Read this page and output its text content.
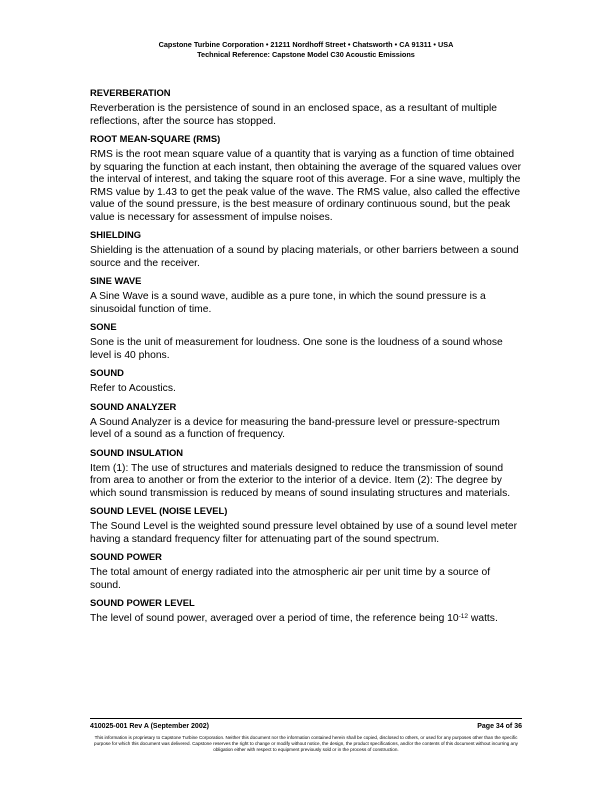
Capstone Turbine Corporation • 21211 Nordhoff Street • Chatsworth • CA 91311 • USA
Technical Reference: Capstone Model C30 Acoustic Emissions
REVERBERATION
Reverberation is the persistence of sound in an enclosed space, as a resultant of multiple reflections, after the source has stopped.
ROOT MEAN-SQUARE (RMS)
RMS is the root mean square value of a quantity that is varying as a function of time obtained by squaring the function at each instant, then obtaining the average of the squared values over the interval of interest, and taking the square root of this average. For a sine wave, multiply the RMS value by 1.43 to get the peak value of the wave. The RMS value, also called the effective value of the sound pressure, is the best measure of ordinary continuous sound, but the peak value is necessary for assessment of impulse noises.
SHIELDING
Shielding is the attenuation of a sound by placing materials, or other barriers between a sound source and the receiver.
SINE WAVE
A Sine Wave is a sound wave, audible as a pure tone, in which the sound pressure is a sinusoidal function of time.
SONE
Sone is the unit of measurement for loudness. One sone is the loudness of a sound whose level is 40 phons.
SOUND
Refer to Acoustics.
SOUND ANALYZER
A Sound Analyzer is a device for measuring the band-pressure level or pressure-spectrum level of a sound as a function of frequency.
SOUND INSULATION
Item (1): The use of structures and materials designed to reduce the transmission of sound from area to another or from the exterior to the interior of a device. Item (2): The degree by which sound transmission is reduced by means of sound insulating structures and materials.
SOUND LEVEL (NOISE LEVEL)
The Sound Level is the weighted sound pressure level obtained by use of a sound level meter having a standard frequency filter for attenuating part of the sound spectrum.
SOUND POWER
The total amount of energy radiated into the atmospheric air per unit time by a source of sound.
SOUND POWER LEVEL
The level of sound power, averaged over a period of time, the reference being $10^{-12}$ watts.
410025-001 Rev A (September 2002)	Page 34 of 36
This information is proprietary to Capstone Turbine Corporation. Neither this document nor the information contained herein shall be copied, disclosed to others, or used for any purposes other than the specific purpose for which this document was delivered. Capstone reserves the right to change or modify without notice, the design, the product specifications, and/or the contents of this document without incurring any obligation either with respect to equipment previously sold or in the process of construction.
